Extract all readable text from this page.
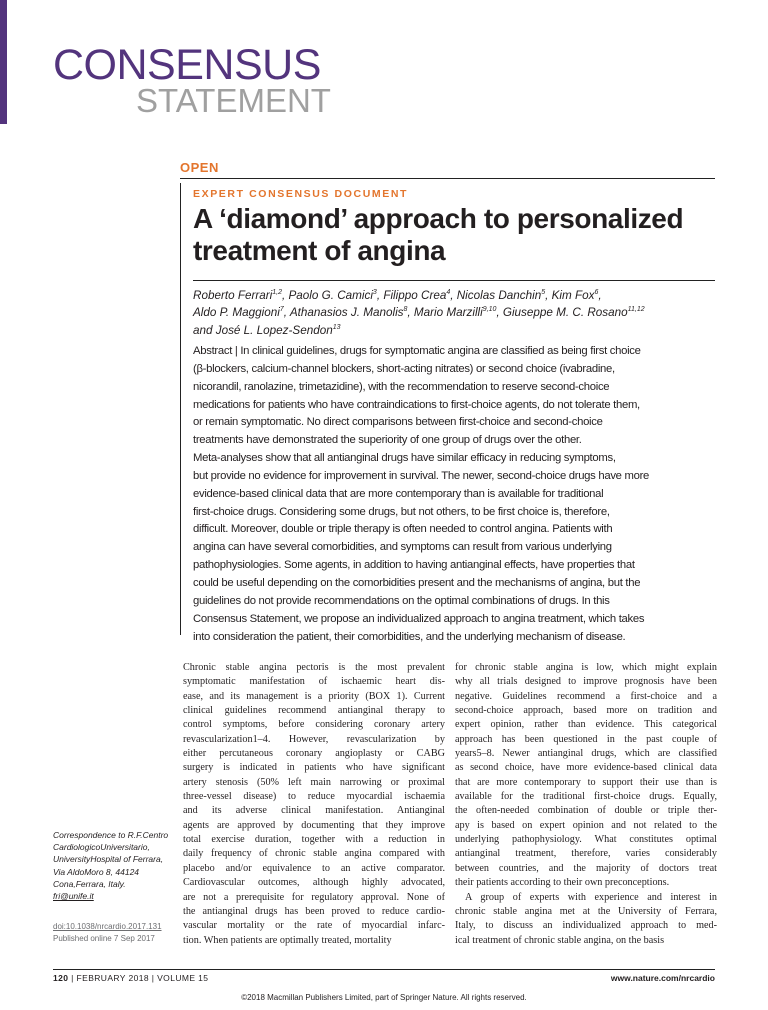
CONSENSUS
STATEMENT
OPEN
EXPERT CONSENSUS DOCUMENT
A ‘diamond’ approach to personalized
treatment of angina
Roberto Ferrari$^{1,2}$, Paolo G. Camici$^3$, Filippo Crea$^4$, Nicolas Danchin$^5$, Kim Fox$^6$,
Aldo P. Maggioni$^7$, Athanasios J. Manolis$^8$, Mario Marzilli$^{9,10}$, Giuseppe M. C. Rosano$^{11,12}$
and José L. Lopez-Sendon$^{13}$
Abstract | In clinical guidelines, drugs for symptomatic angina are classified as being first choice
(β-blockers, calcium-channel blockers, short-acting nitrates) or second choice (ivabradine,
nicorandil, ranolazine, trimetazidine), with the recommendation to reserve second-choice
medications for patients who have contraindications to first-choice agents, do not tolerate them,
or remain symptomatic. No direct comparisons between first-choice and second-choice
treatments have demonstrated the superiority of one group of drugs over the other.
Meta-analyses show that all antianginal drugs have similar efficacy in reducing symptoms,
but provide no evidence for improvement in survival. The newer, second-choice drugs have more
evidence-based clinical data that are more contemporary than is available for traditional
first-choice drugs. Considering some drugs, but not others, to be first choice is, therefore,
difficult. Moreover, double or triple therapy is often needed to control angina. Patients with
angina can have several comorbidities, and symptoms can result from various underlying
pathophysiologies. Some agents, in addition to having antianginal effects, have properties that
could be useful depending on the comorbidities present and the mechanisms of angina, but the
guidelines do not provide recommendations on the optimal combinations of drugs. In this
Consensus Statement, we propose an individualized approach to angina treatment, which takes
into consideration the patient, their comorbidities, and the underlying mechanism of disease.
Chronic stable angina pectoris is the most prevalent
symptomatic manifestation of ischaemic heart dis-
ease, and its management is a priority (BOX 1). Current
clinical guidelines recommend antianginal therapy to
control symptoms, before considering coronary artery
revascularization1–4. However, revascularization by
either percutaneous coronary angioplasty or CABG
surgery is indicated in patients who have significant
artery stenosis (50% left main narrowing or proximal
three-vessel disease) to reduce myocardial ischaemia
and its adverse clinical manifestation. Antianginal
agents are approved by documenting that they improve
total exercise duration, together with a reduction in
daily frequency of chronic stable angina compared with
placebo and/or equivalence to an active comparator.
Cardiovascular outcomes, although highly advocated,
are not a prerequisite for regulatory approval. None of
the antianginal drugs has been proved to reduce cardio-
vascular mortality or the rate of myocardial infarc-
tion. When patients are optimally treated, mortality
for chronic stable angina is low, which might explain
why all trials designed to improve prognosis have been
negative. Guidelines recommend a first-choice and a
second-choice approach, based more on tradition and
expert opinion, rather than evidence. This categorical
approach has been questioned in the past couple of
years5–8. Newer antianginal drugs, which are classified
as second choice, have more evidence-based clinical data
that are more contemporary to support their use than is
available for the traditional first-choice drugs. Equally,
the often-needed combination of double or triple ther-
apy is based on expert opinion and not related to the
underlying pathophysiology. What constitutes optimal
antianginal treatment, therefore, varies considerably
between countries, and the majority of doctors treat
their patients according to their own preconceptions.
A group of experts with experience and interest in
chronic stable angina met at the University of Ferrara,
Italy, to discuss an individualized approach to med-
ical treatment of chronic stable angina, on the basis
Correspondence to R.F.Centro CardiologicoUniversitario, UniversityHospital of Ferrara, Via AldoMoro 8, 44124 Cona,Ferrara, Italy.
fri@unife.it
doi:10.1038/nrcardio.2017.131
Published online 7 Sep 2017
120 | FEBRUARY 2018 | VOLUME 15	www.nature.com/nrcardio
©2018 Macmillan Publishers Limited, part of Springer Nature. All rights reserved.
